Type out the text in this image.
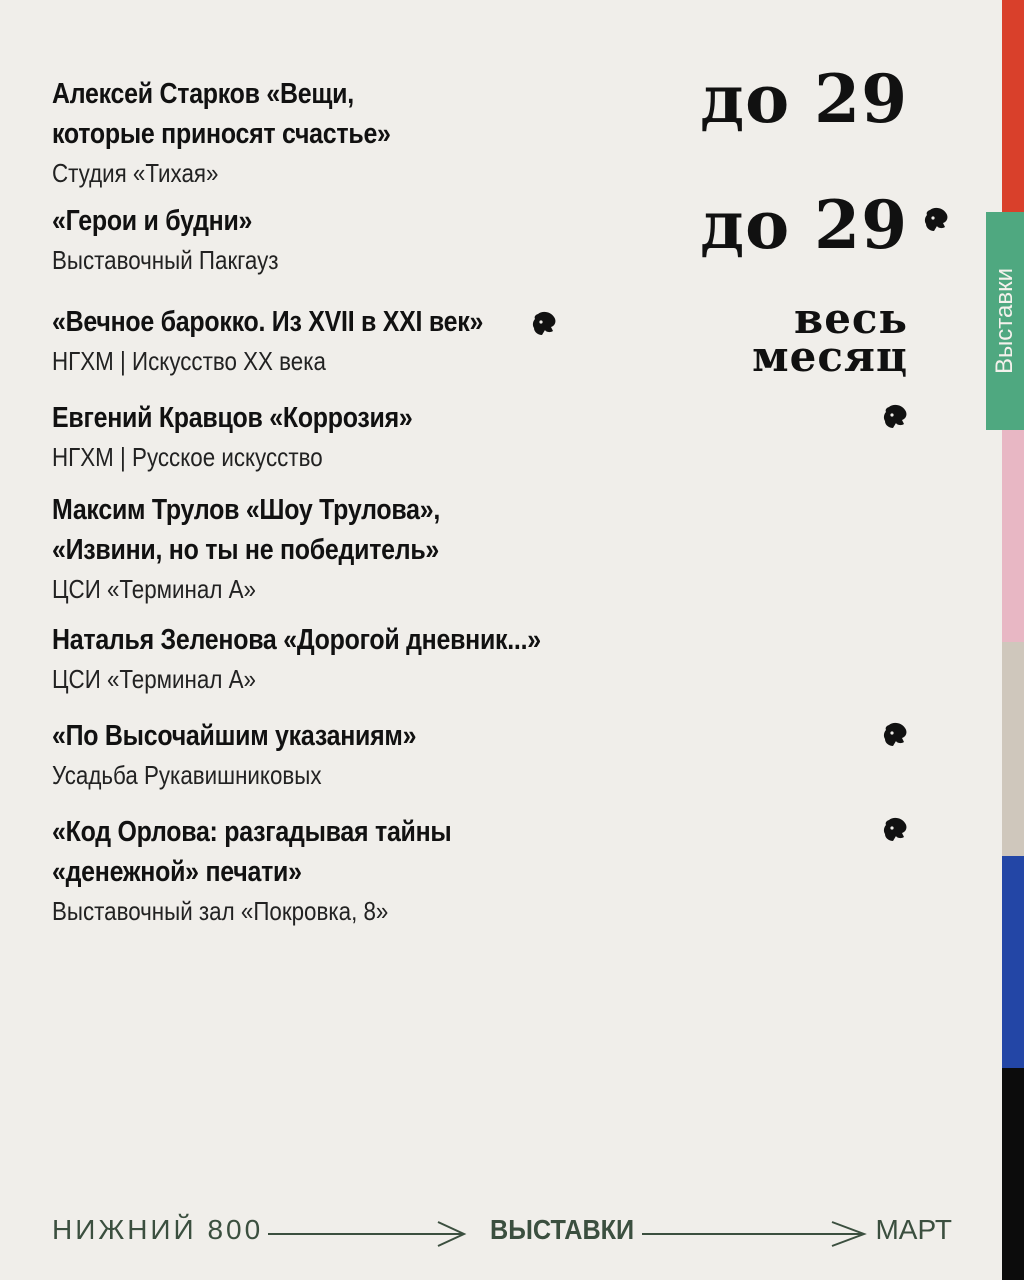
Выставки
Алексей Старков «Вещи,
которые приносят счастье»
Студия «Тихая»
«Герои и будни»
Выставочный Пакгауз
«Вечное барокко. Из XVII в XXI век»
НГХМ | Искусство XX века
Евгений Кравцов «Коррозия»
НГХМ | Русское искусство
Максим Трулов «Шоу Трулова»,
«Извини, но ты не победитель»
ЦСИ «Терминал А»
Наталья Зеленова «Дорогой дневник...»
ЦСИ «Терминал А»
«По Высочайшим указаниям»
Усадьба Рукавишниковых
«Код Орлова: разгадывая тайны
«денежной» печати»
Выставочный зал «Покровка, 8»
до 29
до 29
весь
месяц
НИЖНИЙ 800	ВЫСТАВКИ	МАРТ
